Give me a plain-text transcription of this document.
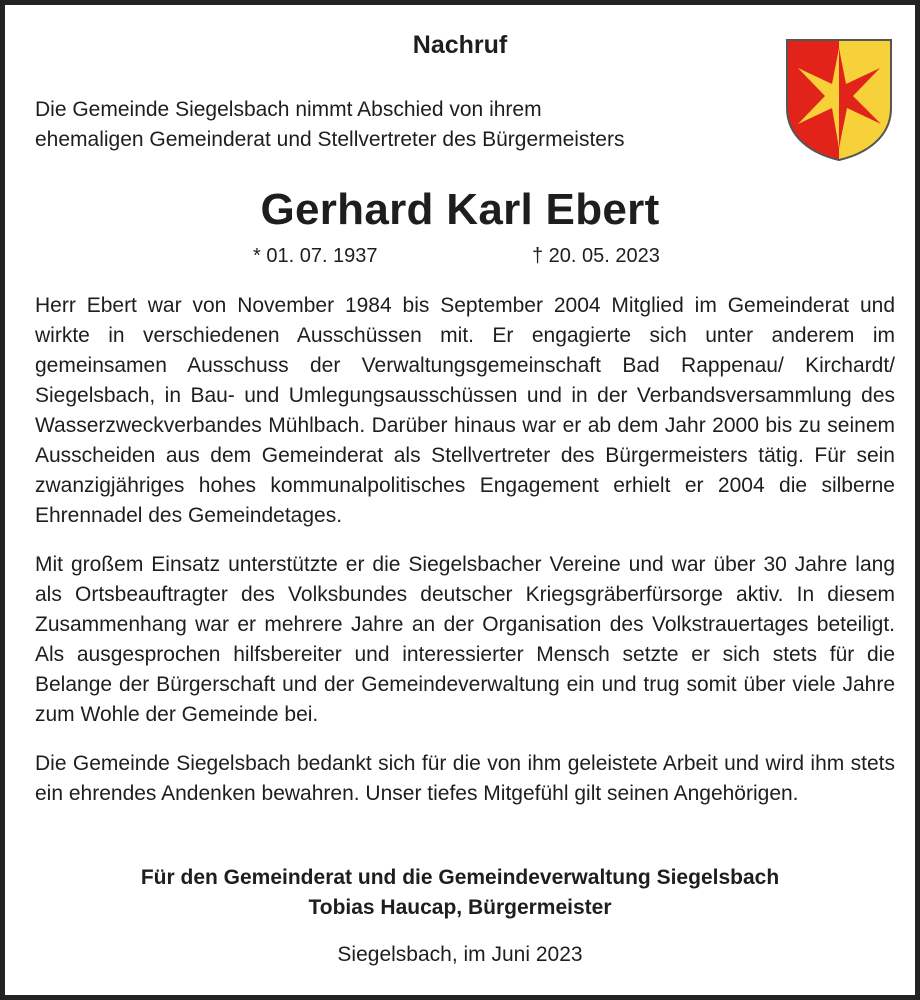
Nachruf
Die Gemeinde Siegelsbach nimmt Abschied von ihrem
ehemaligen Gemeinderat und Stellvertreter des Bürgermeisters
Gerhard Karl Ebert
* 01. 07. 1937	† 20. 05. 2023
Herr Ebert war von November 1984 bis September 2004 Mitglied im Gemeinderat und wirkte in verschiedenen Ausschüssen mit. Er engagierte sich unter anderem im gemeinsamen Ausschuss der Verwaltungsgemeinschaft Bad Rappenau/ Kirchardt/ Siegelsbach, in Bau- und Umlegungsausschüssen und in der Verbandsversammlung des Wasserzweckverbandes Mühlbach. Darüber hinaus war er ab dem Jahr 2000 bis zu seinem Ausscheiden aus dem Gemeinderat als Stellvertreter des Bürgermeisters tätig. Für sein zwanzigjähriges hohes kommunalpolitisches Engagement erhielt er 2004 die silberne Ehrennadel des Gemeindetages.
Mit großem Einsatz unterstützte er die Siegelsbacher Vereine und war über 30 Jahre lang als Ortsbeauftragter des Volksbundes deutscher Kriegsgräberfürsorge aktiv. In diesem Zusammenhang war er mehrere Jahre an der Organisation des Volkstrauertages beteiligt. Als ausgesprochen hilfsbereiter und interessierter Mensch setzte er sich stets für die Belange der Bürgerschaft und der Gemeindeverwaltung ein und trug somit über viele Jahre zum Wohle der Gemeinde bei.
Die Gemeinde Siegelsbach bedankt sich für die von ihm geleistete Arbeit und wird ihm stets ein ehrendes Andenken bewahren. Unser tiefes Mitgefühl gilt seinen Angehörigen.
Für den Gemeinderat und die Gemeindeverwaltung Siegelsbach
Tobias Haucap, Bürgermeister
Siegelsbach, im Juni 2023
